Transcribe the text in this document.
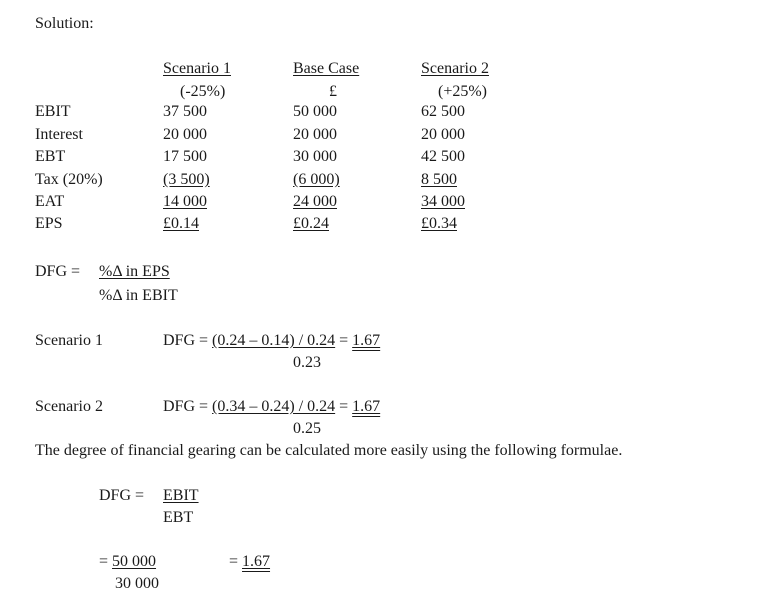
Solution:
Scenario 1	Base Case	Scenario 2
(-25%)	£	(+25%)
EBIT	37 500	50 000	62 500
Interest	20 000	20 000	20 000
EBT	17 500	30 000	42 500
Tax (20%)	(3 500)	(6 000)	8 500
EAT	14 000	24 000	34 000
EPS	£0.14	£0.24	£0.34
DFG = %Δ in EPS
%Δ in EBIT
Scenario 1	DFG = (0.24 – 0.14) / 0.24 = 1.67
0.23
Scenario 2	DFG = (0.34 – 0.24) / 0.24 = 1.67
0.25
The degree of financial gearing can be calculated more easily using the following formulae.
DFG = EBIT
EBT
= 50 000
30 000
= 1.67
